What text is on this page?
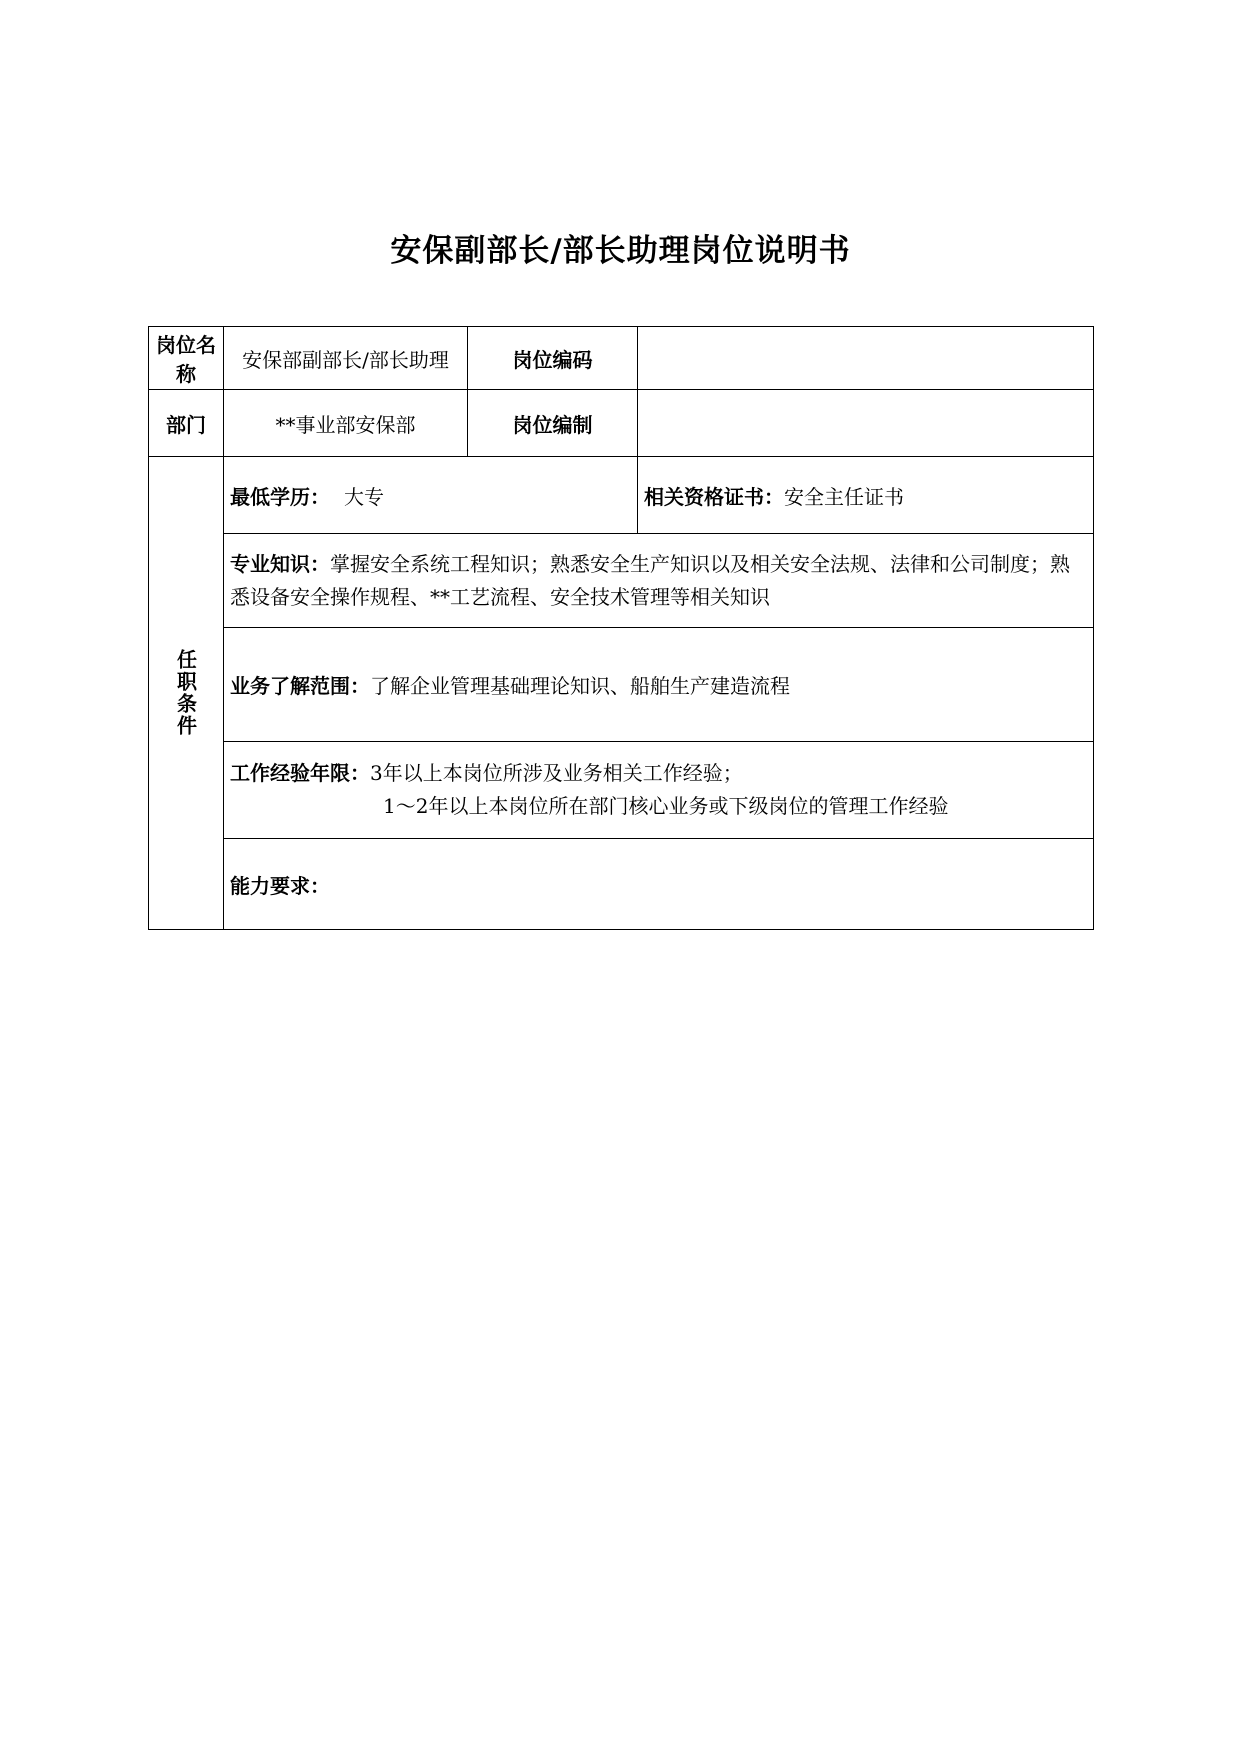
安保副部长/部长助理岗位说明书
岗位名称	安保部副部长/部长助理	岗位编码	
部门	**事业部安保部	岗位编制	

任职条件	最低学历： 大专		相关资格证书：安全主任证书
	专业知识：掌握安全系统工程知识；熟悉安全生产知识以及相关安全法规、法律和公司制度；熟悉设备安全操作规程、**工艺流程、安全技术管理等相关知识		
	业务了解范围：了解企业管理基础理论知识、船舶生产建造流程		
	工作经验年限：3年以上本岗位所涉及业务相关工作经验；
1～2年以上本岗位所在部门核心业务或下级岗位的管理工作经验		

	能力要求：		
